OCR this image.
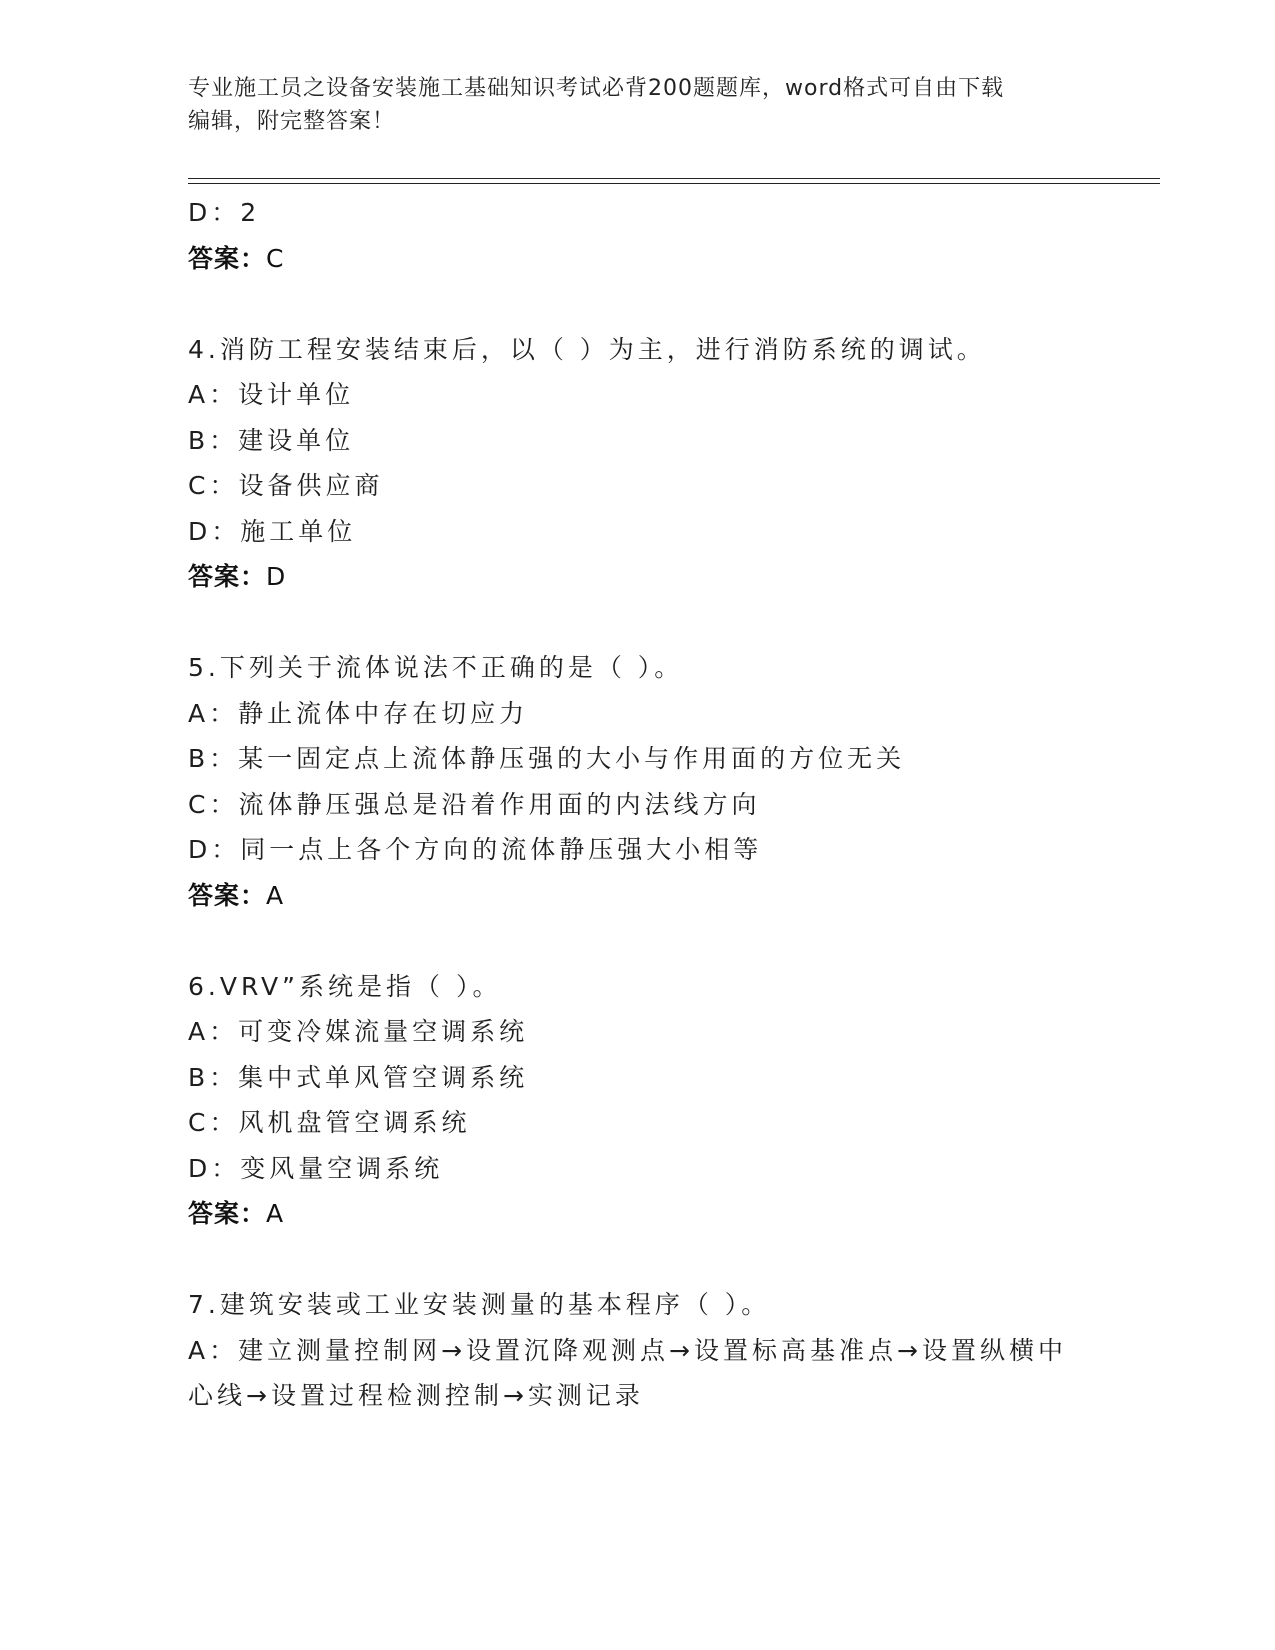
专业施工员之设备安装施工基础知识考试必背200题题库，word格式可自由下载
编辑，附完整答案！
D：2
答案：C
4.消防工程安装结束后，以（ ）为主，进行消防系统的调试。
A：设计单位
B：建设单位
C：设备供应商
D：施工单位
答案：D
5.下列关于流体说法不正确的是（ ）。
A：静止流体中存在切应力
B：某一固定点上流体静压强的大小与作用面的方位无关
C：流体静压强总是沿着作用面的内法线方向
D：同一点上各个方向的流体静压强大小相等
答案：A
6.VRV”系统是指（ ）。
A：可变冷媒流量空调系统
B：集中式单风管空调系统
C：风机盘管空调系统
D：变风量空调系统
答案：A
7.建筑安装或工业安装测量的基本程序（ ）。
A：建立测量控制网→设置沉降观测点→设置标高基准点→设置纵横中
心线→设置过程检测控制→实测记录
